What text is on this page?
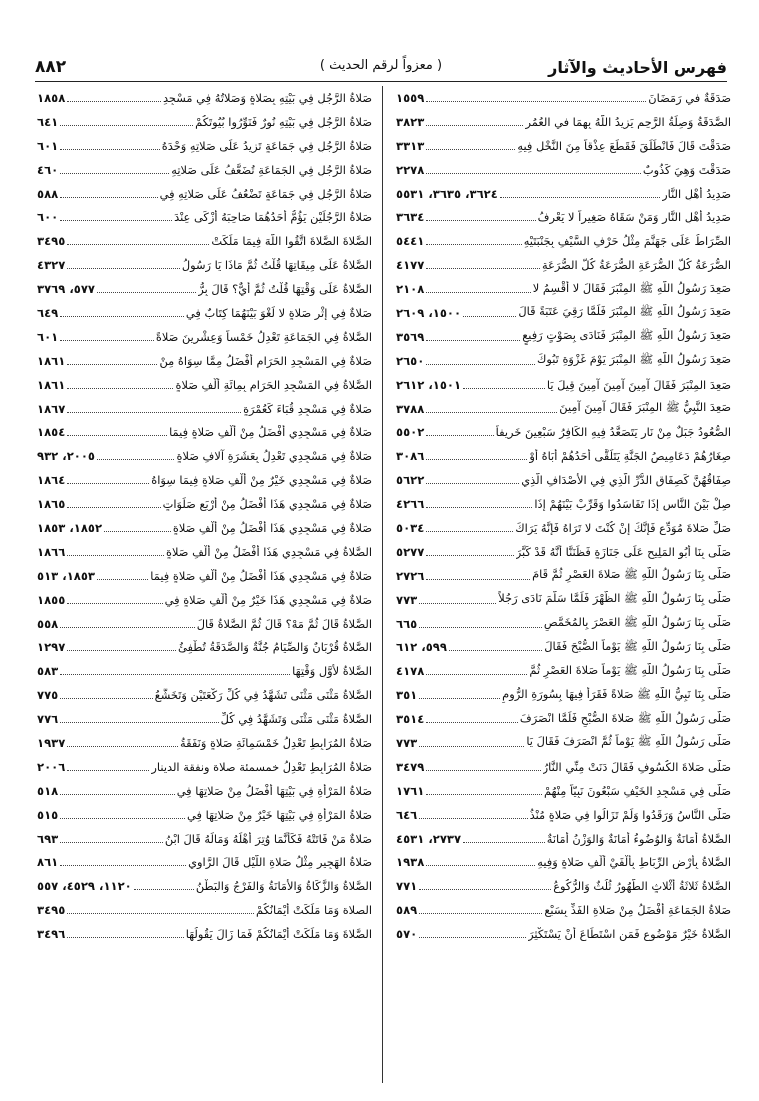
فهرس الأحاديث والآثار
( معزواً لرقم الحديث )
٨٨٢
صَدَقَةٌ في رَمَضَانَ
١٥٥٩
الصَّدَقَةُ وَصِلَةُ الرَّحِمِ يَزِيدُ اللَّهُ بِهِمَا في العُمُرِ
٣٨٢٣
صَدَقْتَ قَالَ فَانْطَلَقَ فَقَطَعَ عِذْقاً مِنَ النَّخْلِ فِيهِ
٣٣١٣
صَدَقْتَ وَهِيَ كَذُوبٌ
٢٢٧٨
صَدِيدُ أَهْلِ النَّارِ
٣٦٢٤، ٣٦٣٥، ٥٥٣١
صَدِيدُ أَهْلِ النَّارِ وَمَنْ سَقَاهُ صَغِيراً لا يَعْرِفُ
٣٦٣٤
الصِّرَاطُ عَلَى جَهَنَّمَ مِثْلُ حَرْفِ السَّيْفِ بِجَنْبَتَيْهِ
٥٤٤١
الصُّرَعَةُ كُلُّ الصُّرَعَةِ الصُّرَعَةُ كُلُّ الصُّرَعَةِ
٤١٧٧
صَعِدَ رَسُولُ اللَّهِ ﷺ المِنْبَرَ فَقَالَ لا أُقْسِمُ لا
٢١٠٨
صَعِدَ رَسُولُ اللَّهِ ﷺ المِنْبَرَ فَلَمَّا رَقِيَ عَتَبَةً قَالَ
١٥٠٠، ٢٦٠٩
صَعِدَ رَسُولُ اللَّهِ ﷺ المِنْبَرَ فَنَادَى بِصَوْتٍ رَفِيعٍ
٣٥٦٩
صَعِدَ رَسُولُ اللَّهِ ﷺ المِنْبَرَ يَوْمَ غَزْوَةِ تَبُوكَ
٢٦٥٠
صَعِدَ المِنْبَرَ فَقَالَ آمِينَ آمِينَ آمِينَ قِيلَ يَا
١٥٠١، ٢٦١٢
صَعِدَ النَّبِيُّ ﷺ المِنْبَرَ فَقَالَ آمِينَ آمِينَ
٣٧٨٨
الصُّعُودُ جَبَلٌ مِنْ نَارٍ يَتَصَعَّدُ فِيهِ الكَافِرُ سَبْعِينَ خَرِيفاً
٥٥٠٢
صِغَارُهُمْ دَعَامِيصُ الجَنَّةِ يَتَلَقَّى أَحَدُهُمْ أَبَاهُ أَوْ
٣٠٨٦
صِفَاقُهُنَّ كَصِفَاقِ الدُّرِّ الَّذِي فِي الأَصْدَافِ الَّذِي
٥٦٢٢
صِلْ بَيْنَ النَّاسِ إِذَا تَفَاسَدُوا وَقَرِّبْ بَيْنَهُمْ إِذَا
٤٢٦٦
صَلِّ صَلاةَ مُوَدِّعٍ فَإِنَّكَ إِنْ كُنْتَ لا تَرَاهُ فَإِنَّهُ يَرَاكَ
٥٠٣٤
صَلَّى بِنَا أَبُو المَلِيحِ عَلَى جَنَازَةٍ فَظَنَنَّا أَنَّهُ قَدْ كَبَّرَ
٥٢٧٧
صَلَّى بِنَا رَسُولُ اللَّهِ ﷺ صَلاةَ العَصْرِ ثُمَّ قَامَ
٢٧٢٦
صَلَّى بِنَا رَسُولُ اللَّهِ ﷺ الظُّهْرَ فَلَمَّا سَلَّمَ نَادَى رَجُلاً
٧٧٣
صَلَّى بِنَا رَسُولُ اللَّهِ ﷺ العَصْرَ بِالمُخَمَّصِ
٦٦٥
صَلَّى بِنَا رَسُولُ اللَّهِ ﷺ يَوْماً الصُّبْحَ فَقَالَ
٥٩٩، ٦١٢
صَلَّى بِنَا رَسُولُ اللَّهِ ﷺ يَوْماً صَلاةَ العَصْرِ ثُمَّ
٤١٧٨
صَلَّى بِنَا نَبِيُّ اللَّهِ ﷺ صَلاةً فَقَرَأَ فِيهَا بِسُورَةِ الرُّومِ
٣٥١
صَلَّى رَسُولُ اللَّهِ ﷺ صَلاةَ الصُّبْحِ فَلَمَّا انْصَرَفَ
٣٥١٤
صَلَّى رَسُولُ اللَّهِ ﷺ يَوْماً ثُمَّ انْصَرَفَ فَقَالَ يَا
٧٧٣
صَلَّى صَلاةَ الكُسُوفِ فَقَالَ دَنَتْ مِنِّي النَّارُ
٣٤٧٩
صَلَّى فِي مَسْجِدِ الخَيْفِ سَبْعُونَ نَبِيّاً مِنْهُمْ
١٧٦١
صَلَّى النَّاسُ وَرَقَدُوا وَلَمْ تَزَالُوا فِي صَلاةٍ مُنْذُ
٦٤٦
الصَّلاةُ أَمَانَةٌ وَالوُضُوءُ أَمَانَةٌ وَالوَزْنُ أَمَانَةٌ
٢٧٣٧، ٤٥٣١
الصَّلاةُ بِأَرْضِ الرِّبَاطِ بِأَلْفَيْ أَلْفِ صَلاةٍ وَفِيهِ
١٩٣٨
الصَّلاةُ ثَلاثَةُ أَثْلاثٍ الطُّهُورُ ثُلُثٌ وَالرُّكُوعُ
٧٧١
صَلاةُ الجَمَاعَةِ أَفْضَلُ مِنْ صَلاةِ الفَذِّ بِسَبْعٍ
٥٨٩
الصَّلاةُ خَيْرٌ مَوْضُوعٍ فَمَنِ اسْتَطَاعَ أَنْ يَسْتَكْثِرَ
٥٧٠
صَلاةُ الرَّجُلِ فِي بَيْتِهِ بِصَلاةٍ وَصَلاتُهُ فِي مَسْجِدِ
١٨٥٨
صَلاةُ الرَّجُلِ فِي بَيْتِهِ نُورٌ فَنَوِّرُوا بُيُوتَكُمْ
٦٤١
صَلاةُ الرَّجُلِ فِي جَمَاعَةٍ تَزِيدُ عَلَى صَلاتِهِ وَحْدَهُ
٦٠١
صَلاةُ الرَّجُلِ فِي الجَمَاعَةِ تُضَعَّفُ عَلَى صَلاتِهِ
٤٦٠
صَلاةُ الرَّجُلِ فِي جَمَاعَةٍ تَضْعُفُ عَلَى صَلاتِهِ فِي
٥٨٨
صَلاةُ الرَّجُلَيْنِ يَؤُمُّ أَحَدُهُمَا صَاحِبَهُ أَزْكَى عِنْدَ
٦٠٠
الصَّلاةَ الصَّلاةَ اتَّقُوا اللَّهَ فِيمَا مَلَكَتْ
٣٤٩٥
الصَّلاةُ عَلَى مِيقَاتِهَا قُلْتُ ثُمَّ مَاذَا يَا رَسُولُ
٤٣٢٧
الصَّلاةُ عَلَى وَقْتِهَا قُلْتُ ثُمَّ أَيٌّ؟ قَالَ بِرُّ
٥٧٧، ٣٧٦٩
صَلاةٌ فِي إِثْرِ صَلاةٍ لا لَغْوَ بَيْنَهُمَا كِتَابٌ فِي
٦٤٩
الصَّلاةُ فِي الجَمَاعَةِ تَعْدِلُ خَمْساً وَعِشْرِينَ صَلاةً
٦٠١
صَلاةٌ فِي المَسْجِدِ الحَرَامِ أَفْضَلُ مِمَّا سِوَاهُ مِنْ
١٨٦١
الصَّلاةُ فِي المَسْجِدِ الحَرَامِ بِمِائَةِ أَلْفِ صَلاةٍ
١٨٦١
صَلاةٌ فِي مَسْجِدِ قُبَاءَ كَعُمْرَةٍ
١٨٦٧
صَلاةٌ فِي مَسْجِدِي أَفْضَلُ مِنْ أَلْفِ صَلاةٍ فِيمَا
١٨٥٤
صَلاةٌ فِي مَسْجِدِي تَعْدِلُ بِعَشَرَةِ آلافِ صَلاةٍ
٢٠٠٥، ٩٣٢
صَلاةٌ فِي مَسْجِدِي خَيْرٌ مِنْ أَلْفِ صَلاةٍ فِيمَا سِوَاهُ
١٨٦٤
صَلاةٌ فِي مَسْجِدِي هَذَا أَفْضَلُ مِنْ أَرْبَعِ صَلَوَاتٍ
١٨٦٥
صَلاةٌ فِي مَسْجِدِي هَذَا أَفْضَلُ مِنْ أَلْفِ صَلاةٍ
١٨٥٢، ١٨٥٣
الصَّلاةُ فِي مَسْجِدِي هَذَا أَفْضَلُ مِنْ أَلْفِ صَلاةٍ
١٨٦٦
صَلاةٌ فِي مَسْجِدِي هَذَا أَفْضَلُ مِنْ أَلْفِ صَلاةٍ فِيمَا
١٨٥٣، ٥١٣
صَلاةٌ فِي مَسْجِدِي هَذَا خَيْرٌ مِنْ أَلْفِ صَلاةٍ فِي
١٨٥٥
الصَّلاةُ قَالَ ثُمَّ مَهْ؟ قَالَ ثُمَّ الصَّلاةُ قَالَ
٥٥٨
الصَّلاةُ قُرْبَانٌ وَالصِّيَامُ جُنَّةٌ وَالصَّدَقَةُ تُطْفِئُ
١٢٩٧
الصَّلاةُ لأَوَّلِ وَقْتِهَا
٥٨٣
الصَّلاةُ مَثْنَى مَثْنَى تَشَهَّدُ فِي كُلِّ رَكْعَتَيْنِ وَتَخَشَّعُ
٧٧٥
الصَّلاةُ مَثْنَى مَثْنَى وَتَشَهَّدُ فِي كُلِّ
٧٧٦
صَلاةُ المُرَابِطِ تَعْدِلُ خَمْسَمِائَةِ صَلاةٍ وَنَفَقَةُ
١٩٣٧
صَلاةُ المُرَابِطِ تَعْدِلُ خمسمئة صلاة ونفقة الدينار
٢٠٠٦
صَلاةُ المَرْأَةِ فِي بَيْتِهَا أَفْضَلُ مِنْ صَلاتِهَا فِي
٥١٨
صَلاةُ المَرْأَةِ فِي بَيْتِهَا خَيْرٌ مِنْ صَلاتِهَا فِي
٥١٥
صَلاةٌ مَنْ فَاتَتْهُ فَكَأَنَّمَا وُتِرَ أَهْلَهُ وَمَالَهُ قَالَ ابْنُ
٦٩٣
صَلاةُ الهَجِيرِ مِثْلُ صَلاةِ اللَّيْلِ قَالَ الرَّاوِي
٨٦١
الصَّلاةُ وَالزَّكَاةُ وَالأَمَانَةُ وَالفَرْجُ وَالبَطْنُ
١١٢٠، ٤٥٢٩، ٥٥٧
الصلاة وَمَا مَلَكَتْ أَيْمَانُكُمْ
٣٤٩٥
الصَّلاةَ وَمَا مَلَكَتْ أَيْمَانُكُمْ فَمَا زَالَ يَقُولُهَا
٣٤٩٦
